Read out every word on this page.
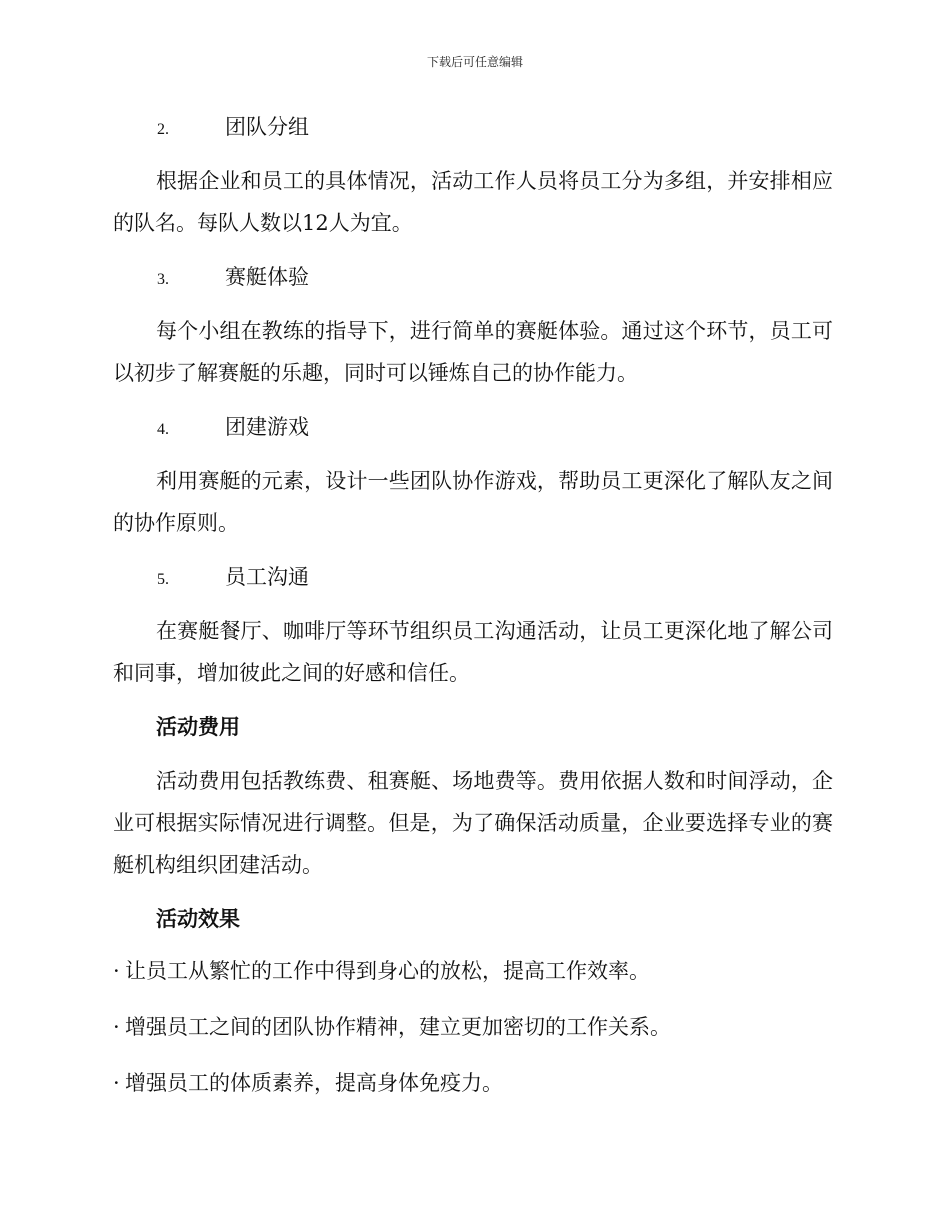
下载后可任意编辑
2.	团队分组

根据企业和员工的具体情况，活动工作人员将员工分为多组，并安排相应的队名。每队人数以12人为宜。

3.	赛艇体验

每个小组在教练的指导下，进行简单的赛艇体验。通过这个环节，员工可以初步了解赛艇的乐趣，同时可以锤炼自己的协作能力。

4.	团建游戏

利用赛艇的元素，设计一些团队协作游戏，帮助员工更深化了解队友之间的协作原则。

5.	员工沟通

在赛艇餐厅、咖啡厅等环节组织员工沟通活动，让员工更深化地了解公司和同事，增加彼此之间的好感和信任。

活动费用

活动费用包括教练费、租赛艇、场地费等。费用依据人数和时间浮动，企业可根据实际情况进行调整。但是，为了确保活动质量，企业要选择专业的赛艇机构组织团建活动。

活动效果
· 让员工从繁忙的工作中得到身心的放松，提高工作效率。
· 增强员工之间的团队协作精神，建立更加密切的工作关系。
· 增强员工的体质素养，提高身体免疫力。
